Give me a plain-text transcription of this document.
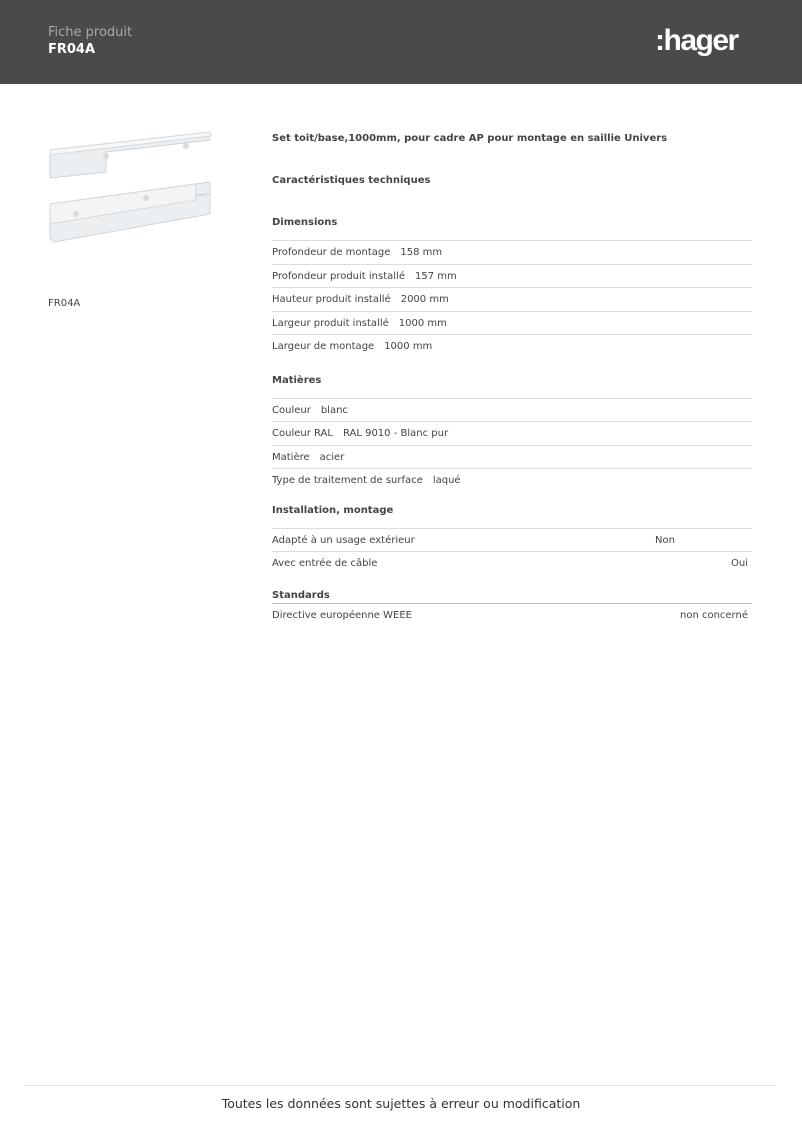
Fiche produit
FR04A	:hager
FR04A
Set toit/base,1000mm, pour cadre AP pour montage en saillie Univers
Caractéristiques techniques
Dimensions
Profondeur de montage 158 mm
Profondeur produit installé 157 mm
Hauteur produit installé 2000 mm
Largeur produit installé 1000 mm
Largeur de montage 1000 mm
Matières
Couleur blanc
Couleur RAL RAL 9010 - Blanc pur
Matière acier
Type de traitement de surface laqué
Installation, montage
Adapté à un usage extérieur	Non
Avec entrée de câble	Oui
Standards
Directive européenne WEEE	non concerné
Toutes les données sont sujettes à erreur ou modification
